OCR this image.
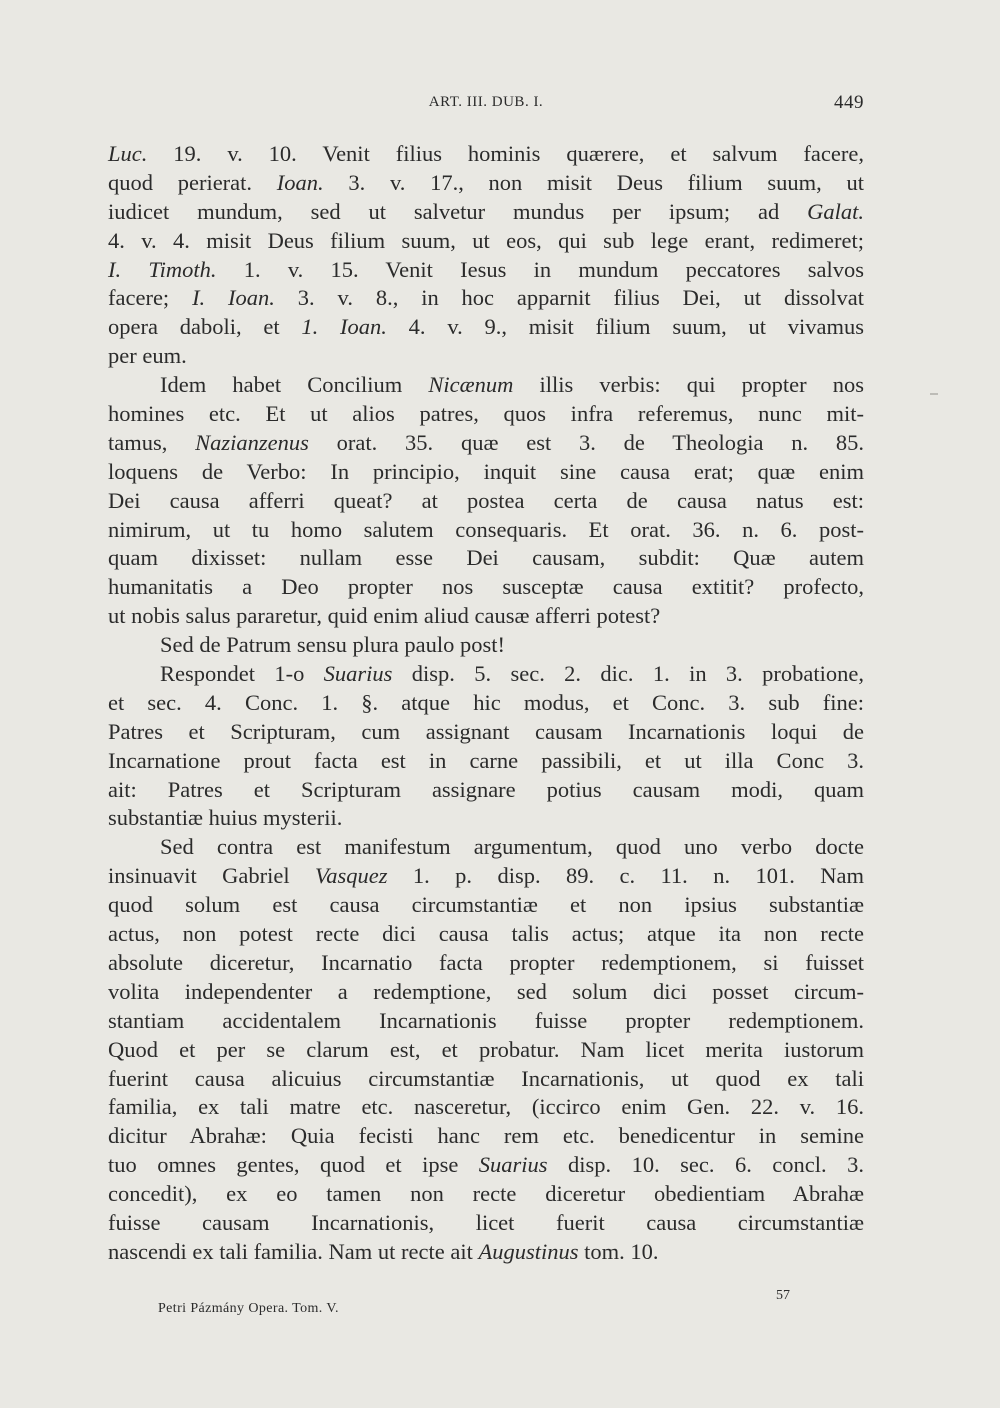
ART. III. DUB. I.	449
Luc. 19. v. 10. Venit filius hominis quærere, et salvum facere,
quod perierat. Ioan. 3. v. 17., non misit Deus filium suum, ut
iudicet mundum, sed ut salvetur mundus per ipsum; ad Galat.
4. v. 4. misit Deus filium suum, ut eos, qui sub lege erant, redimeret;
I. Timoth. 1. v. 15. Venit Iesus in mundum peccatores salvos
facere; I. Ioan. 3. v. 8., in hoc apparnit filius Dei, ut dissolvat
opera daboli, et 1. Ioan. 4. v. 9., misit filium suum, ut vivamus
per eum.
Idem habet Concilium Nicænum illis verbis: qui propter nos
homines etc. Et ut alios patres, quos infra referemus, nunc mit-
tamus, Nazianzenus orat. 35. quæ est 3. de Theologia n. 85.
loquens de Verbo: In principio, inquit sine causa erat; quæ enim
Dei causa afferri queat? at postea certa de causa natus est:
nimirum, ut tu homo salutem consequaris. Et orat. 36. n. 6. post-
quam dixisset: nullam esse Dei causam, subdit: Quæ autem
humanitatis a Deo propter nos susceptæ causa extitit? profecto,
ut nobis salus pararetur, quid enim aliud causæ afferri potest?
Sed de Patrum sensu plura paulo post!
Respondet 1-o Suarius disp. 5. sec. 2. dic. 1. in 3. probatione,
et sec. 4. Conc. 1. §. atque hic modus, et Conc. 3. sub fine:
Patres et Scripturam, cum assignant causam Incarnationis loqui de
Incarnatione prout facta est in carne passibili, et ut illa Conc 3.
ait: Patres et Scripturam assignare potius causam modi, quam
substantiæ huius mysterii.
Sed contra est manifestum argumentum, quod uno verbo docte
insinuavit Gabriel Vasquez 1. p. disp. 89. c. 11. n. 101. Nam
quod solum est causa circumstantiæ et non ipsius substantiæ
actus, non potest recte dici causa talis actus; atque ita non recte
absolute diceretur, Incarnatio facta propter redemptionem, si fuisset
volita independenter a redemptione, sed solum dici posset circum-
stantiam accidentalem Incarnationis fuisse propter redemptionem.
Quod et per se clarum est, et probatur. Nam licet merita iustorum
fuerint causa alicuius circumstantiæ Incarnationis, ut quod ex tali
familia, ex tali matre etc. nasceretur, (iccirco enim Gen. 22. v. 16.
dicitur Abrahæ: Quia fecisti hanc rem etc. benedicentur in semine
tuo omnes gentes, quod et ipse Suarius disp. 10. sec. 6. concl. 3.
concedit), ex eo tamen non recte diceretur obedientiam Abrahæ
fuisse causam Incarnationis, licet fuerit causa circumstantiæ
nascendi ex tali familia. Nam ut recte ait Augustinus tom. 10.
Petri Pázmány Opera. Tom. V.
57
